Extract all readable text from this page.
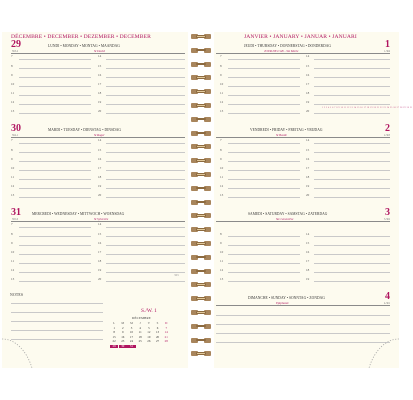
DÉCEMBRE • DECEMBER • DEZEMBER • DECEMBER
29
363-2
LUNDI • MONDAY • MONTAG • MAANDAG
St David
7	14
8	15
9	16
10	17
11	18
12	19
13	20
30
364-1
MARDI • TUESDAY • DIENSTAG • DINSDAG
St Roger
7	14
8	15
9	16
10	17
11	18
12	19
13	20
31
365-0
MERCREDI • WEDNESDAY • MITTWOCH • WOENSDAG
St Sylvestre
7	14
8	15
9	16
10	17
11	18
12	19
13	20
365
NOTES
S./W. 1
DÉCEMBRE
L	M	M	J	V	S	D
1	2	3	4	5	6	7
8	9	10	11	12	13	14
15	16	17	18	19	20	21
22	23	24	25	26	27	28
29	30	31
JANVIER • JANUARY • JANUAR • JANUARI
1
1-364
JEUDI • THURSDAY • DONNERSTAG • DONDERDAG
JOUR DE L'AN - Ste Marie
7	14
8	15
9	16
10	17
11	18
12	19
13	20
1 2 3 4 5 6 7 8 9 10 11 12 13 14 15 16 17 18 19 20 21 22 23 24 25 26 27 28 29 30 31
2
2-363
VENDREDI • FRIDAY • FREITAG • VRIJDAG
St Basile
7	14
8	15
9	16
10	17
11	18
12	19
13	20
3
3-362
SAMEDI • SATURDAY • SAMSTAG • ZATERDAG
Ste Geneviève
8	14
9	15
10	16
11	17
12	18
13	19
4
4-361
DIMANCHE • SUNDAY • SONNTAG • ZONDAG
Epiphanie
